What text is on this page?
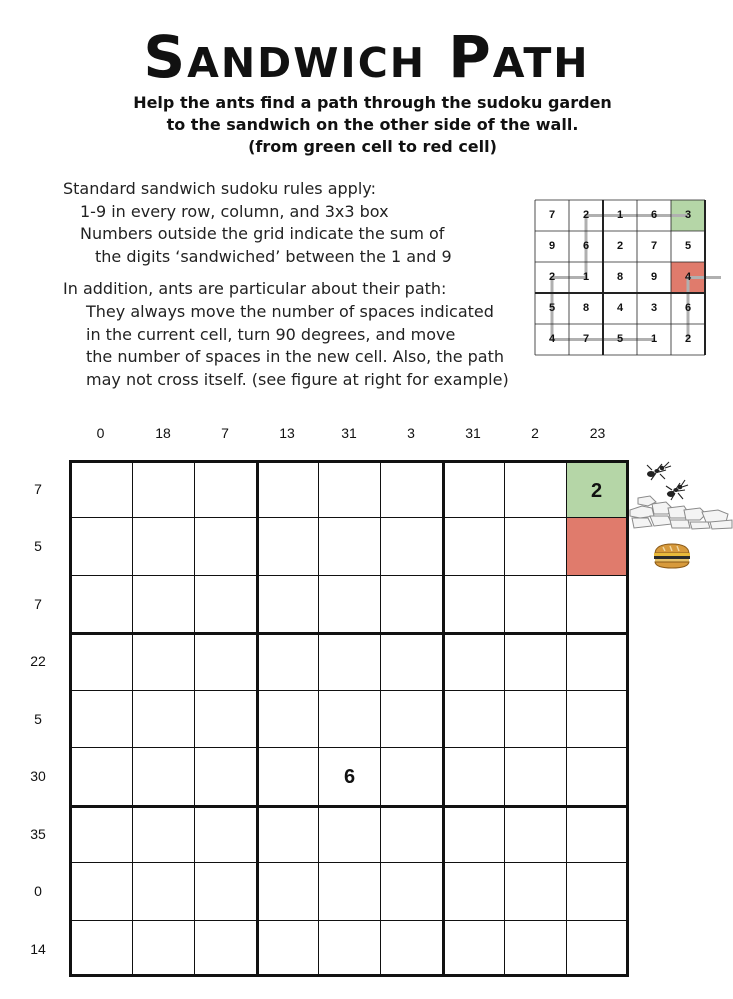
Sandwich Path
Help the ants find a path through the sudoku garden
to the sandwich on the other side of the wall.
(from green cell to red cell)
Standard sandwich sudoku rules apply:
1-9 in every row, column, and 3x3 box
Numbers outside the grid indicate the sum of
the digits ‘sandwiched’ between the 1 and 9
In addition, ants are particular about their path:
They always move the number of spaces indicated
in the current cell, turn 90 degrees, and move
the number of spaces in the new cell. Also, the path
may not cross itself. (see figure at right for example)
7	2	1	6	3
9	6	2	7	5
2	1	8	9	4
5	8	4	3	6
4	7	5	1	2
0	18	7	13	31	3	31	2	23
7
5
7
22
5
30
35
0
14
2
6
